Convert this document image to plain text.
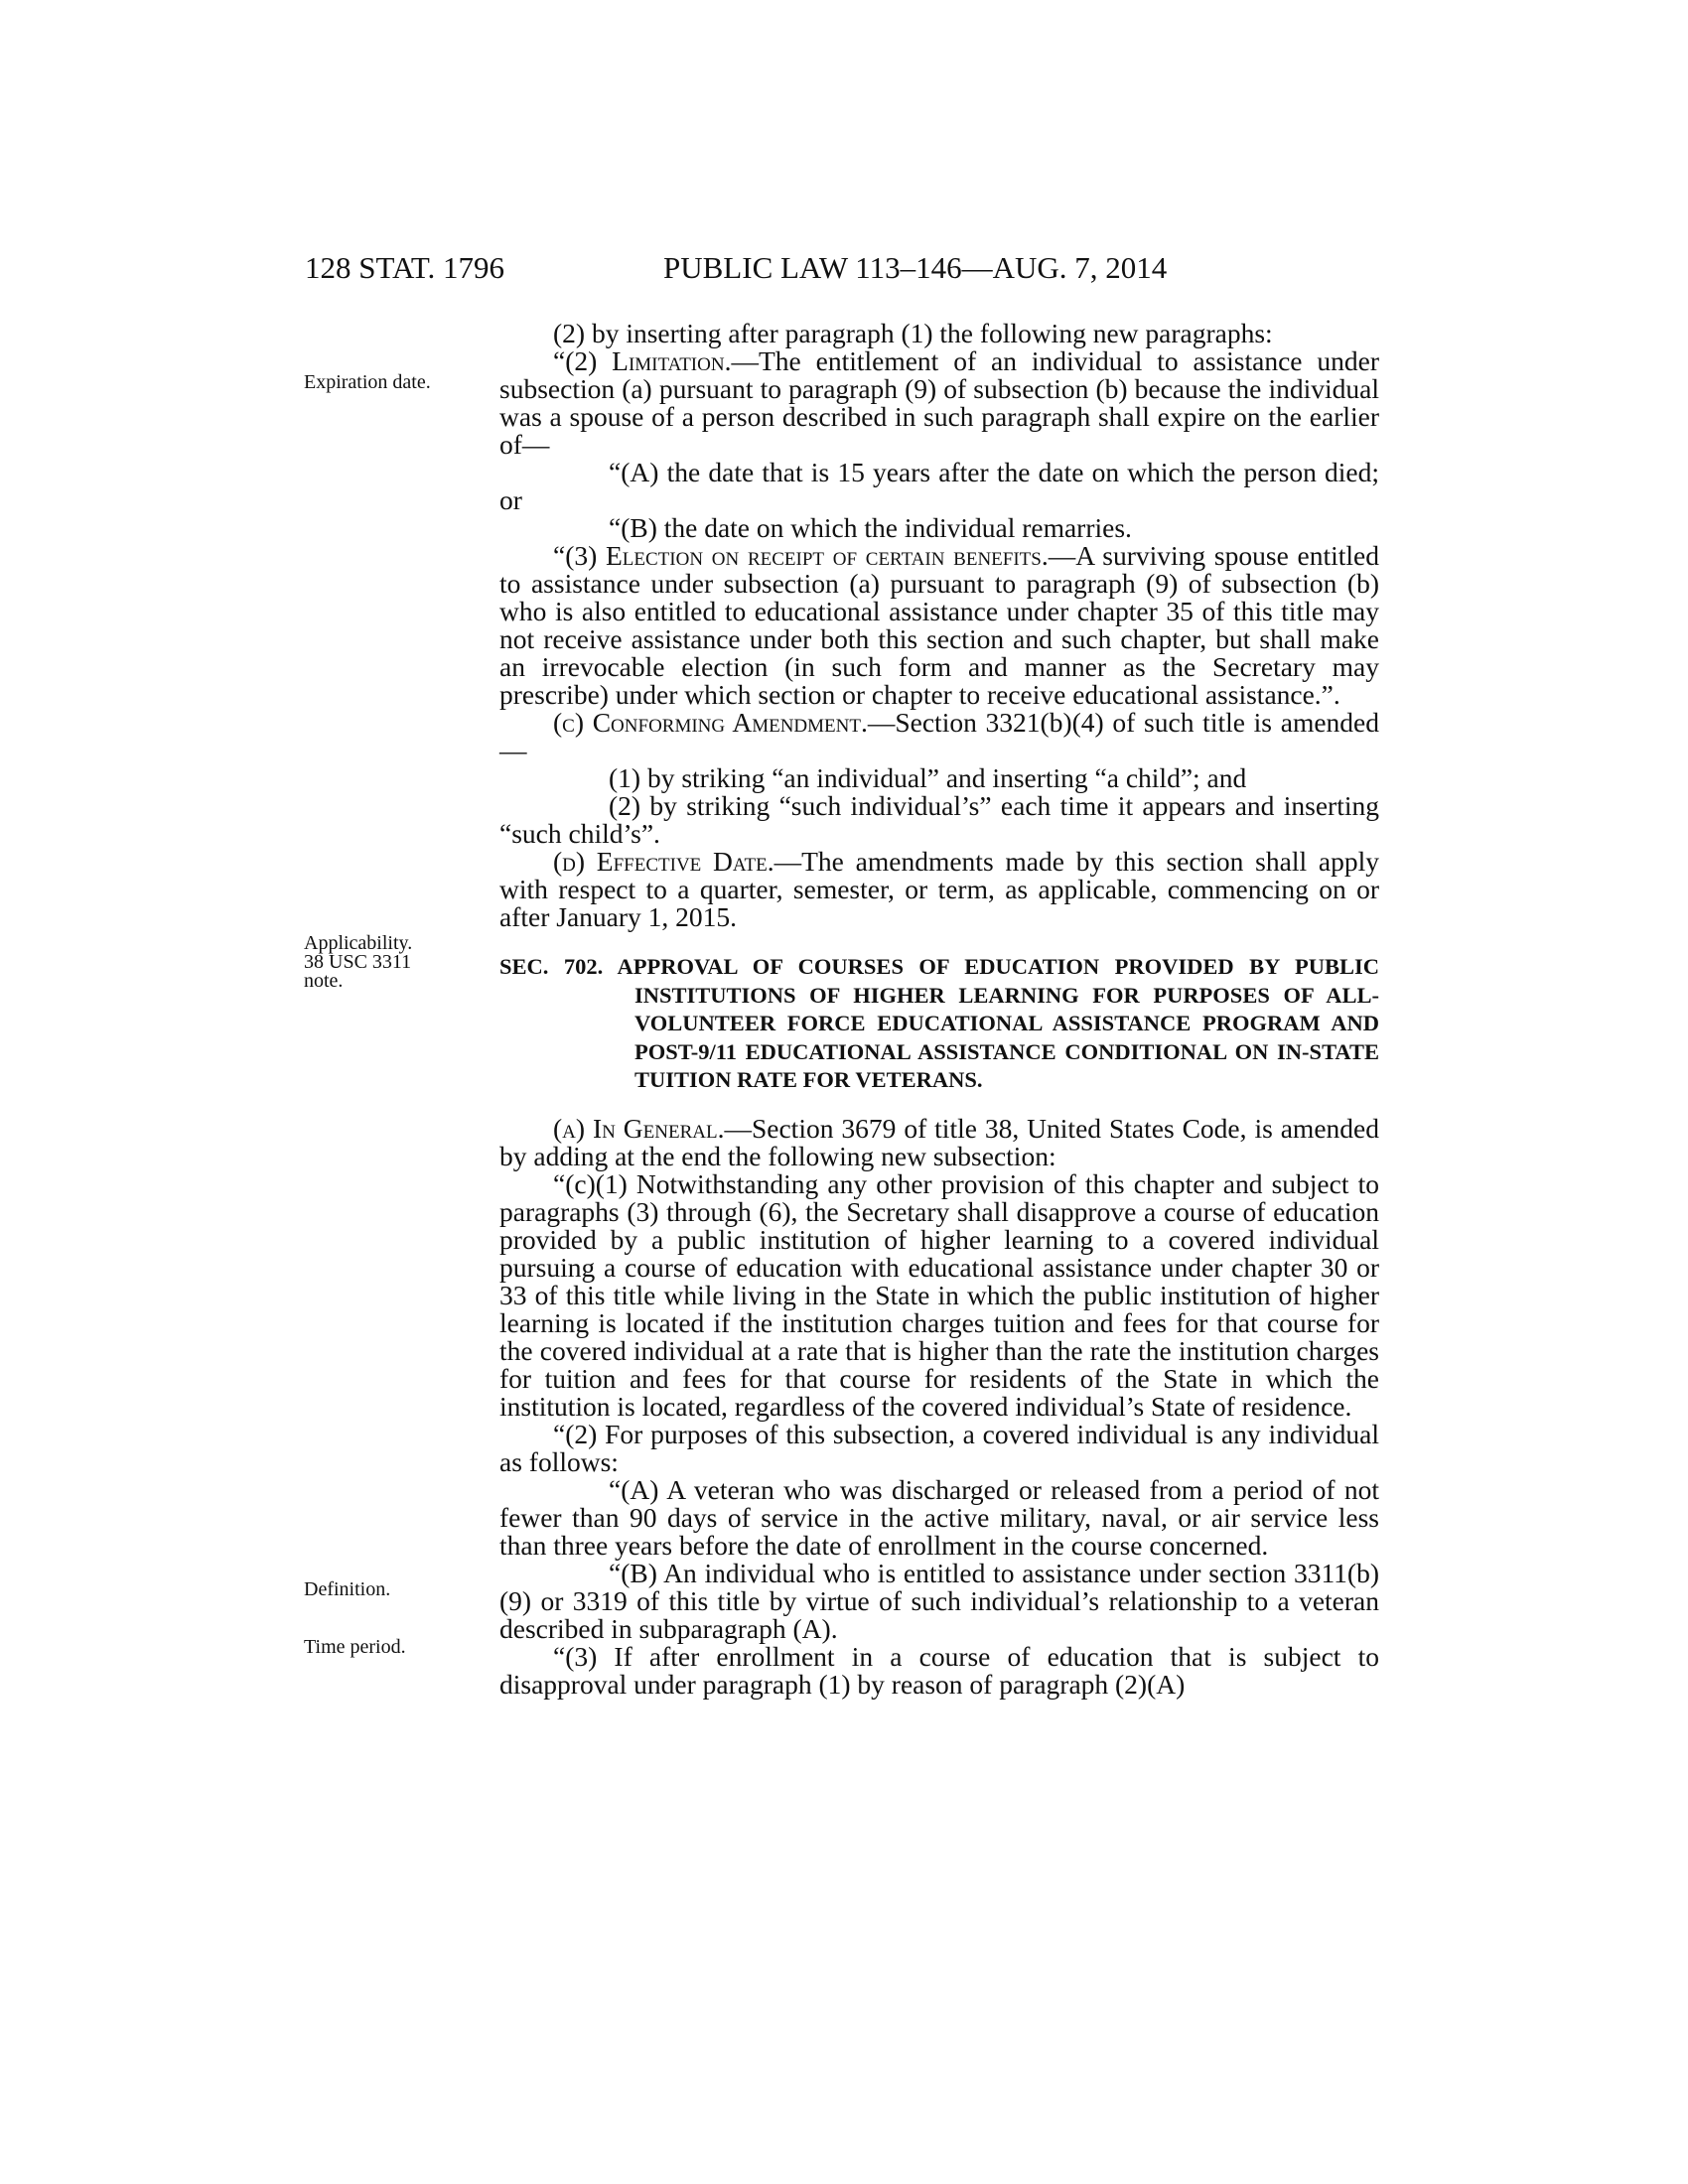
128 STAT. 1796	PUBLIC LAW 113–146—AUG. 7, 2014
Expiration date.
Applicability.
38 USC 3311
note.
Definition.
Time period.

(2) by inserting after paragraph (1) the following new paragraphs:

“(2) Limitation.—The entitlement of an individual to assistance under subsection (a) pursuant to paragraph (9) of subsection (b) because the individual was a spouse of a person described in such paragraph shall expire on the earlier of—

“(A) the date that is 15 years after the date on which the person died; or

“(B) the date on which the individual remarries.

“(3) Election on receipt of certain benefits.—A surviving spouse entitled to assistance under subsection (a) pursuant to paragraph (9) of subsection (b) who is also entitled to educational assistance under chapter 35 of this title may not receive assistance under both this section and such chapter, but shall make an irrevocable election (in such form and manner as the Secretary may prescribe) under which section or chapter to receive educational assistance.”.

(c) Conforming Amendment.—Section 3321(b)(4) of such title is amended—

(1) by striking “an individual” and inserting “a child”; and

(2) by striking “such individual’s” each time it appears and inserting “such child’s”.

(d) Effective Date.—The amendments made by this section shall apply with respect to a quarter, semester, or term, as applicable, commencing on or after January 1, 2015.

SEC. 702. APPROVAL OF COURSES OF EDUCATION PROVIDED BY PUBLIC INSTITUTIONS OF HIGHER LEARNING FOR PURPOSES OF ALL-VOLUNTEER FORCE EDUCATIONAL ASSISTANCE PROGRAM AND POST-9/11 EDUCATIONAL ASSISTANCE CONDITIONAL ON IN-STATE TUITION RATE FOR VETERANS.

(a) In General.—Section 3679 of title 38, United States Code, is amended by adding at the end the following new subsection:

“(c)(1) Notwithstanding any other provision of this chapter and subject to paragraphs (3) through (6), the Secretary shall disapprove a course of education provided by a public institution of higher learning to a covered individual pursuing a course of education with educational assistance under chapter 30 or 33 of this title while living in the State in which the public institution of higher learning is located if the institution charges tuition and fees for that course for the covered individual at a rate that is higher than the rate the institution charges for tuition and fees for that course for residents of the State in which the institution is located, regardless of the covered individual’s State of residence.

“(2) For purposes of this subsection, a covered individual is any individual as follows:

“(A) A veteran who was discharged or released from a period of not fewer than 90 days of service in the active military, naval, or air service less than three years before the date of enrollment in the course concerned.

“(B) An individual who is entitled to assistance under section 3311(b)(9) or 3319 of this title by virtue of such individual’s relationship to a veteran described in subparagraph (A).

“(3) If after enrollment in a course of education that is subject to disapproval under paragraph (1) by reason of paragraph (2)(A)
